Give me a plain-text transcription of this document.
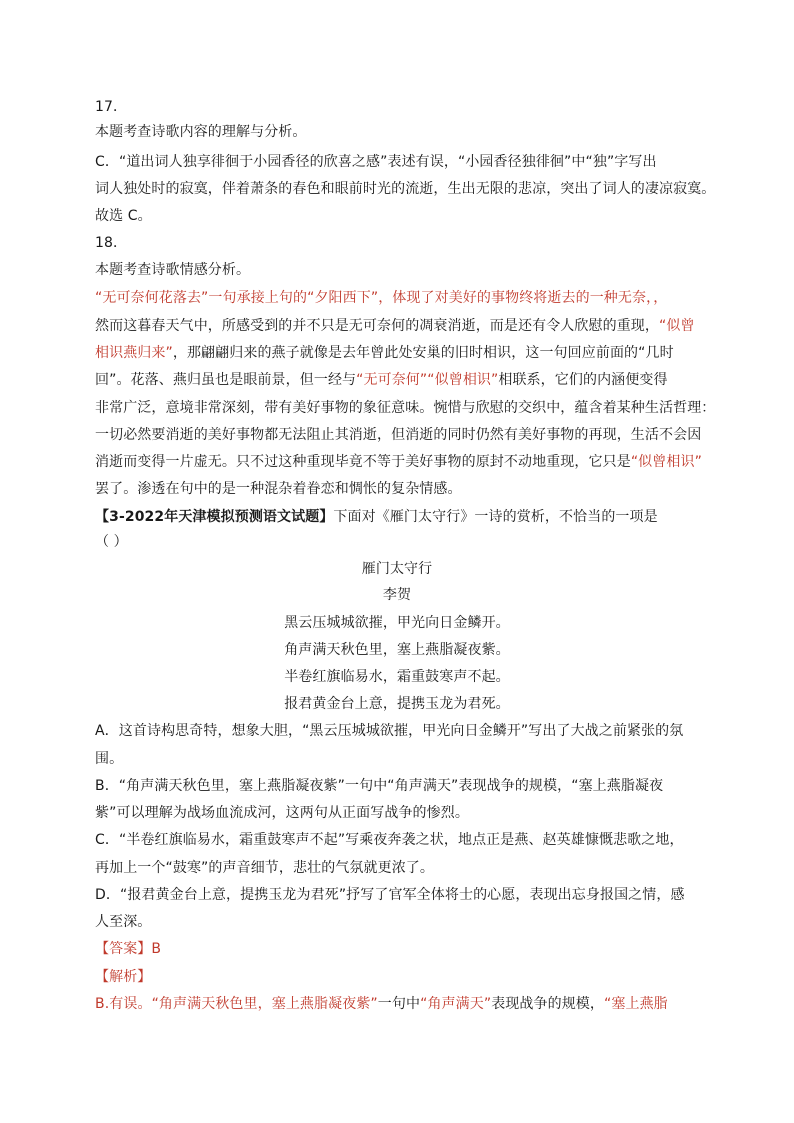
17．
本题考查诗歌内容的理解与分析。
C．“道出词人独享徘徊于小园香径的欣喜之感”表述有误，“小园香径独徘徊”中“独”字写出
词人独处时的寂寞，伴着萧条的春色和眼前时光的流逝，生出无限的悲凉，突出了词人的凄凉寂寞。
故选 C。
18．
本题考查诗歌情感分析。
“无可奈何花落去”一句承接上句的“夕阳西下”，体现了对美好的事物终将逝去的一种无奈，，
然而这暮春天气中，所感受到的并不只是无可奈何的凋衰消逝，而是还有令人欣慰的重现，“似曾
相识燕归来”，那翩翩归来的燕子就像是去年曾此处安巢的旧时相识，这一句回应前面的“几时
回”。花落、燕归虽也是眼前景，但一经与“无可奈何”“似曾相识”相联系，它们的内涵便变得
非常广泛，意境非常深刻，带有美好事物的象征意味。惋惜与欣慰的交织中，蕴含着某种生活哲理：
一切必然要消逝的美好事物都无法阻止其消逝，但消逝的同时仍然有美好事物的再现，生活不会因
消逝而变得一片虚无。只不过这种重现毕竟不等于美好事物的原封不动地重现，它只是“似曾相识”
罢了。渗透在句中的是一种混杂着眷恋和惆怅的复杂情感。
【3-2022年天津模拟预测语文试题】下面对《雁门太守行》一诗的赏析，不恰当的一项是
（ ）
雁门太守行
李贺
黑云压城城欲摧，甲光向日金鳞开。
角声满天秋色里，塞上燕脂凝夜紫。
半卷红旗临易水，霜重鼓寒声不起。
报君黄金台上意，提携玉龙为君死。
A．这首诗构思奇特，想象大胆，“黑云压城城欲摧，甲光向日金鳞开”写出了大战之前紧张的氛
围。
B．“角声满天秋色里，塞上燕脂凝夜紫”一句中“角声满天”表现战争的规模，“塞上燕脂凝夜
紫”可以理解为战场血流成河，这两句从正面写战争的惨烈。
C．“半卷红旗临易水，霜重鼓寒声不起”写乘夜奔袭之状，地点正是燕、赵英雄慷慨悲歌之地，
再加上一个“鼓寒”的声音细节，悲壮的气氛就更浓了。
D．“报君黄金台上意，提携玉龙为君死”抒写了官军全体将士的心愿，表现出忘身报国之情，感
人至深。
【答案】B
【解析】
B.有误。“角声满天秋色里，塞上燕脂凝夜紫”一句中“角声满天”表现战争的规模，“塞上燕脂
